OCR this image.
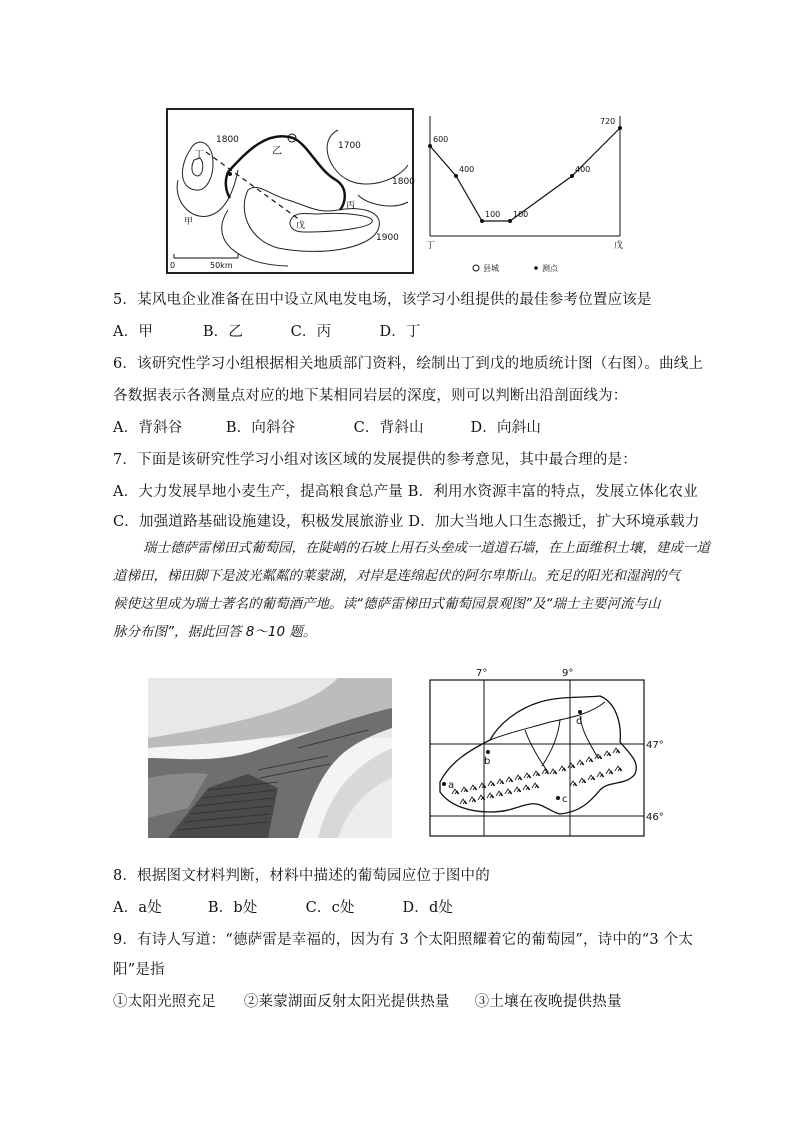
1800
1700
1800
1900
乙
丙
甲
丁
戊
0	50km
600
400
100 100
400
720
丁	戊
县城	测点
5．某风电企业准备在田中设立风电发电场，该学习小组提供的最佳参考位置应该是
A．甲	B．乙	C．丙	D．丁
6．该研究性学习小组根据相关地质部门资料，绘制出丁到戊的地质统计图（右图）。曲线上
各数据表示各测量点对应的地下某相同岩层的深度，则可以判断出沿剖面线为：
A．背斜谷	B．向斜谷	C．背斜山	D．向斜山
7．下面是该研究性学习小组对该区域的发展提供的参考意见，其中最合理的是：
A．大力发展旱地小麦生产，提高粮食总产量 B．利用水资源丰富的特点，发展立体化农业
C．加强道路基础设施建设，积极发展旅游业 D．加大当地人口生态搬迁，扩大环境承载力
瑞士德萨雷梯田式葡萄园，在陡峭的石坡上用石头垒成一道道石墙，在上面维积土壤，建成一道
道梯田，梯田脚下是波光粼粼的莱蒙湖，对岸是连绵起伏的阿尔卑斯山。充足的阳光和湿润的气
候使这里成为瑞士著名的葡萄酒产地。读“德萨雷梯田式葡萄园景观图”及“瑞士主要河流与山
脉分布图”，据此回答 8～10 题。
a
b
c
d
7°	9°
47°
46°
8．根据图文材料判断，材料中描述的葡萄园应位于图中的
A．a处	B．b处	C．c处	D．d处
9．有诗人写道：“德萨雷是幸福的，因为有 3 个太阳照耀着它的葡萄园”，诗中的“3 个太
阳”是指
①太阳光照充足 ②莱蒙湖面反射太阳光提供热量 ③土壤在夜晚提供热量
